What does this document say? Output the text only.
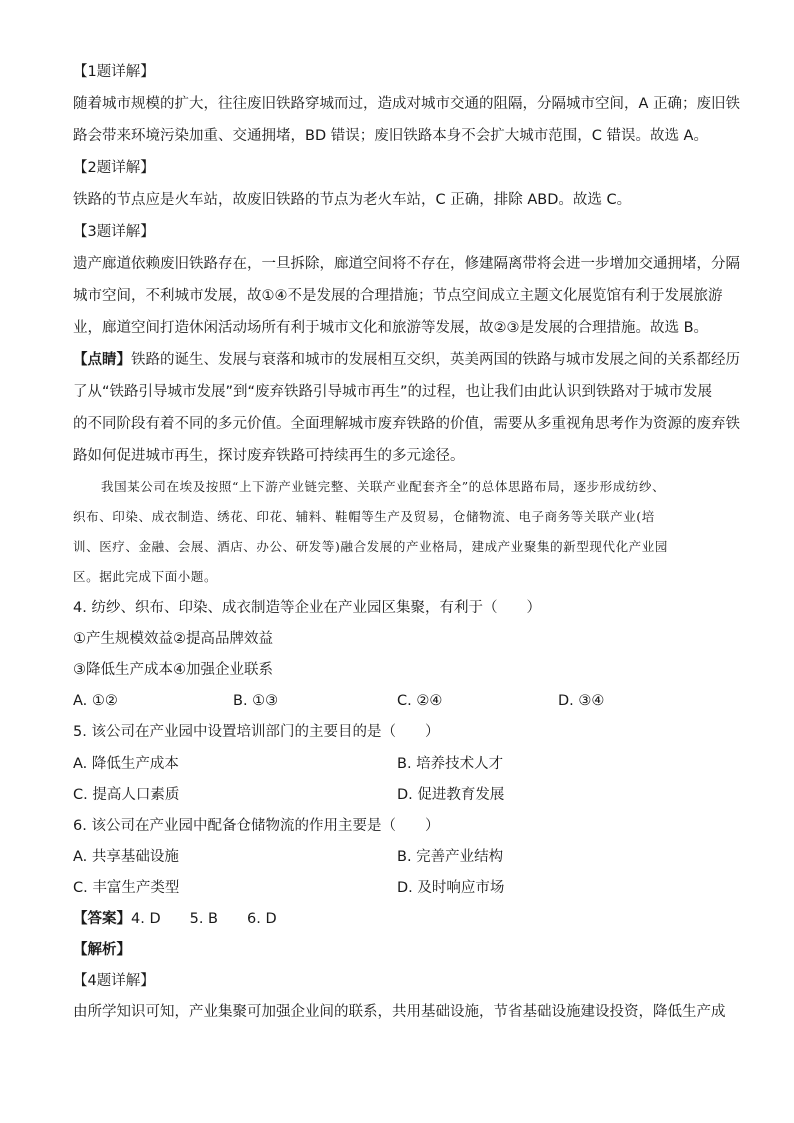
【1题详解】
随着城市规模的扩大，往往废旧铁路穿城而过，造成对城市交通的阻隔，分隔城市空间，A 正确；废旧铁
路会带来环境污染加重、交通拥堵，BD 错误；废旧铁路本身不会扩大城市范围，C 错误。故选 A。
【2题详解】
铁路的节点应是火车站，故废旧铁路的节点为老火车站，C 正确，排除 ABD。故选 C。
【3题详解】
遗产廊道依赖废旧铁路存在，一旦拆除，廊道空间将不存在，修建隔离带将会进一步增加交通拥堵，分隔
城市空间，不利城市发展，故①④不是发展的合理措施；节点空间成立主题文化展览馆有利于发展旅游
业，廊道空间打造休闲活动场所有利于城市文化和旅游等发展，故②③是发展的合理措施。故选 B。
【点睛】铁路的诞生、发展与衰落和城市的发展相互交织，英美两国的铁路与城市发展之间的关系都经历
了从“铁路引导城市发展”到“废弃铁路引导城市再生”的过程，也让我们由此认识到铁路对于城市发展
的不同阶段有着不同的多元价值。全面理解城市废弃铁路的价值，需要从多重视角思考作为资源的废弃铁
路如何促进城市再生，探讨废弃铁路可持续再生的多元途径。
我国某公司在埃及按照“上下游产业链完整、关联产业配套齐全”的总体思路布局，逐步形成纺纱、
织布、印染、成衣制造、绣花、印花、辅料、鞋帽等生产及贸易，仓储物流、电子商务等关联产业(培
训、医疗、金融、会展、酒店、办公、研发等)融合发展的产业格局，建成产业聚集的新型现代化产业园
区。据此完成下面小题。
4. 纺纱、织布、印染、成衣制造等企业在产业园区集聚，有利于（　　）
①产生规模效益②提高品牌效益
③降低生产成本④加强企业联系
A. ①②	B. ①③	C. ②④	D. ③④
5. 该公司在产业园中设置培训部门的主要目的是（　　）
A. 降低生产成本	B. 培养技术人才
C. 提高人口素质	D. 促进教育发展
6. 该公司在产业园中配备仓储物流的作用主要是（　　）
A. 共享基础设施	B. 完善产业结构
C. 丰富生产类型	D. 及时响应市场
【答案】4. D　　5. B　　6. D
【解析】
【4题详解】
由所学知识可知，产业集聚可加强企业间的联系，共用基础设施，节省基础设施建设投资，降低生产成
